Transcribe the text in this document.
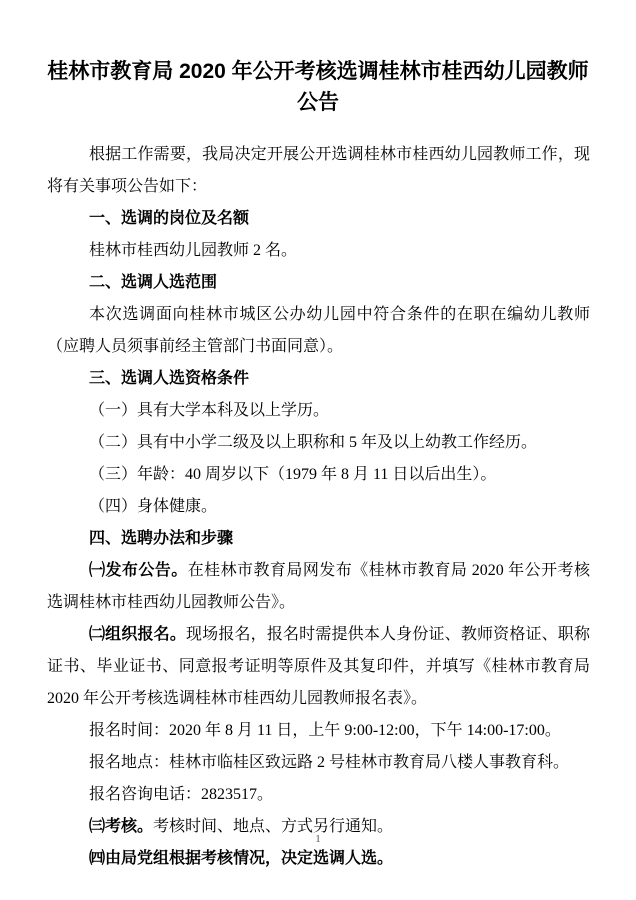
桂林市教育局 2020 年公开考核选调桂林市桂西幼儿园教师公告

根据工作需要，我局决定开展公开选调桂林市桂西幼儿园教师工作，现将有关事项公告如下：

一、选调的岗位及名额

桂林市桂西幼儿园教师 2 名。

二、选调人选范围

本次选调面向桂林市城区公办幼儿园中符合条件的在职在编幼儿教师（应聘人员须事前经主管部门书面同意）。

三、选调人选资格条件

（一）具有大学本科及以上学历。

（二）具有中小学二级及以上职称和 5 年及以上幼教工作经历。

（三）年龄：40 周岁以下（1979 年 8 月 11 日以后出生）。

（四）身体健康。

四、选聘办法和步骤

㈠发布公告。在桂林市教育局网发布《桂林市教育局 2020 年公开考核选调桂林市桂西幼儿园教师公告》。

㈡组织报名。现场报名，报名时需提供本人身份证、教师资格证、职称证书、毕业证书、同意报考证明等原件及其复印件，并填写《桂林市教育局 2020 年公开考核选调桂林市桂西幼儿园教师报名表》。

报名时间：2020 年 8 月 11 日，上午 9:00-12:00，下午 14:00-17:00。

报名地点：桂林市临桂区致远路 2 号桂林市教育局八楼人事教育科。

报名咨询电话：2823517。

㈢考核。考核时间、地点、方式另行通知。

㈣由局党组根据考核情况，决定选调人选。

1
